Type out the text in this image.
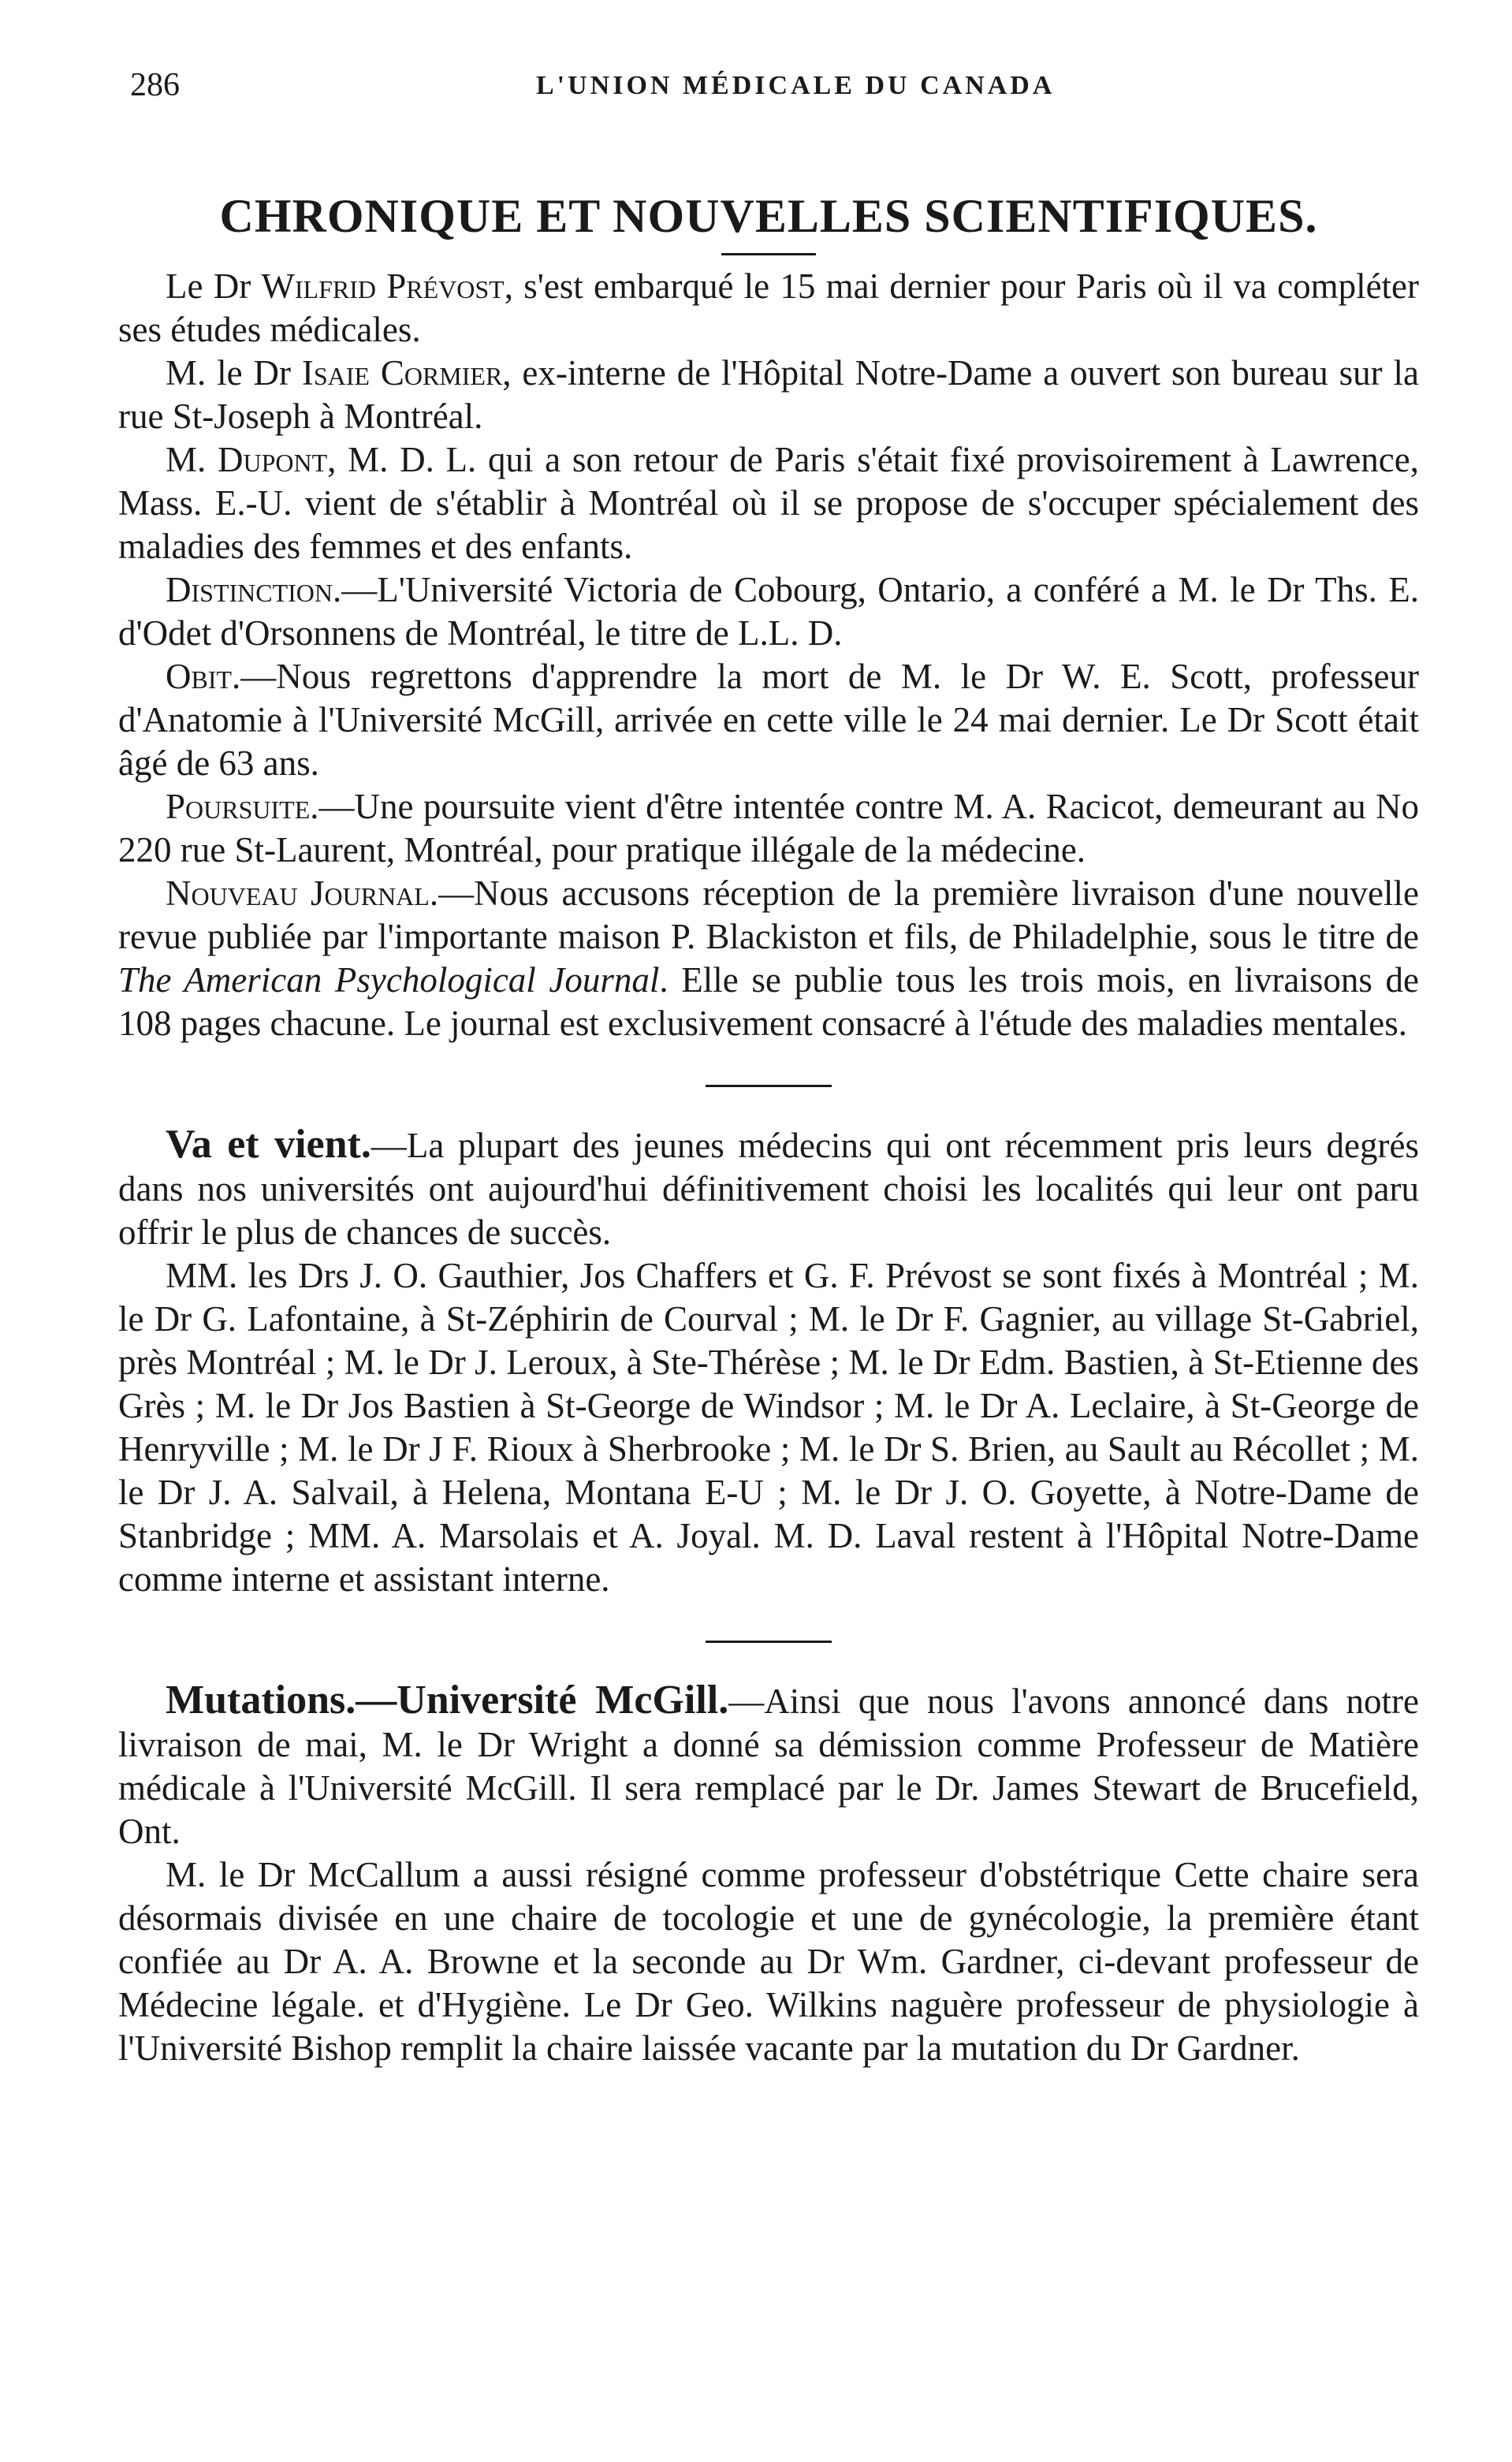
286	L'UNION MÉDICALE DU CANADA
CHRONIQUE ET NOUVELLES SCIENTIFIQUES.

Le Dr Wilfrid Prévost, s'est embarqué le 15 mai dernier pour Paris où il va compléter ses études médicales.

M. le Dr Isaie Cormier, ex-interne de l'Hôpital Notre-Dame a ouvert son bureau sur la rue St-Joseph à Montréal.

M. Dupont, M. D. L. qui a son retour de Paris s'était fixé provisoirement à Lawrence, Mass. E.-U. vient de s'établir à Montréal où il se propose de s'occuper spécialement des maladies des femmes et des enfants.

Distinction.—L'Université Victoria de Cobourg, Ontario, a conféré a M. le Dr Ths. E. d'Odet d'Orsonnens de Montréal, le titre de L.L. D.

Obit.—Nous regrettons d'apprendre la mort de M. le Dr W. E. Scott, professeur d'Anatomie à l'Université McGill, arrivée en cette ville le 24 mai dernier. Le Dr Scott était âgé de 63 ans.

Poursuite.—Une poursuite vient d'être intentée contre M. A. Racicot, demeurant au No 220 rue St-Laurent, Montréal, pour pratique illégale de la médecine.

Nouveau Journal.—Nous accusons réception de la première livraison d'une nouvelle revue publiée par l'importante maison P. Blackiston et fils, de Philadelphie, sous le titre de The American Psychological Journal. Elle se publie tous les trois mois, en livraisons de 108 pages chacune. Le journal est exclusivement consacré à l'étude des maladies mentales.

Va et vient.—La plupart des jeunes médecins qui ont récemment pris leurs degrés dans nos universités ont aujourd'hui définitivement choisi les localités qui leur ont paru offrir le plus de chances de succès.

MM. les Drs J. O. Gauthier, Jos Chaffers et G. F. Prévost se sont fixés à Montréal ; M. le Dr G. Lafontaine, à St-Zéphirin de Courval ; M. le Dr F. Gagnier, au village St-Gabriel, près Montréal ; M. le Dr J. Leroux, à Ste-Thérèse ; M. le Dr Edm. Bastien, à St-Etienne des Grès ; M. le Dr Jos Bastien à St-George de Windsor ; M. le Dr A. Leclaire, à St-George de Henryville ; M. le Dr J F. Rioux à Sherbrooke ; M. le Dr S. Brien, au Sault au Récollet ; M. le Dr J. A. Salvail, à Helena, Montana E-U ; M. le Dr J. O. Goyette, à Notre-Dame de Stanbridge ; MM. A. Marsolais et A. Joyal. M. D. Laval restent à l'Hôpital Notre-Dame comme interne et assistant interne.

Mutations.—Université McGill.—Ainsi que nous l'avons annoncé dans notre livraison de mai, M. le Dr Wright a donné sa démission comme Professeur de Matière médicale à l'Université McGill. Il sera remplacé par le Dr. James Stewart de Brucefield, Ont.

M. le Dr McCallum a aussi résigné comme professeur d'obstétrique Cette chaire sera désormais divisée en une chaire de tocologie et une de gynécologie, la première étant confiée au Dr A. A. Browne et la seconde au Dr Wm. Gardner, ci-devant professeur de Médecine légale. et d'Hygiène. Le Dr Geo. Wilkins naguère professeur de physiologie à l'Université Bishop remplit la chaire laissée vacante par la mutation du Dr Gardner.
